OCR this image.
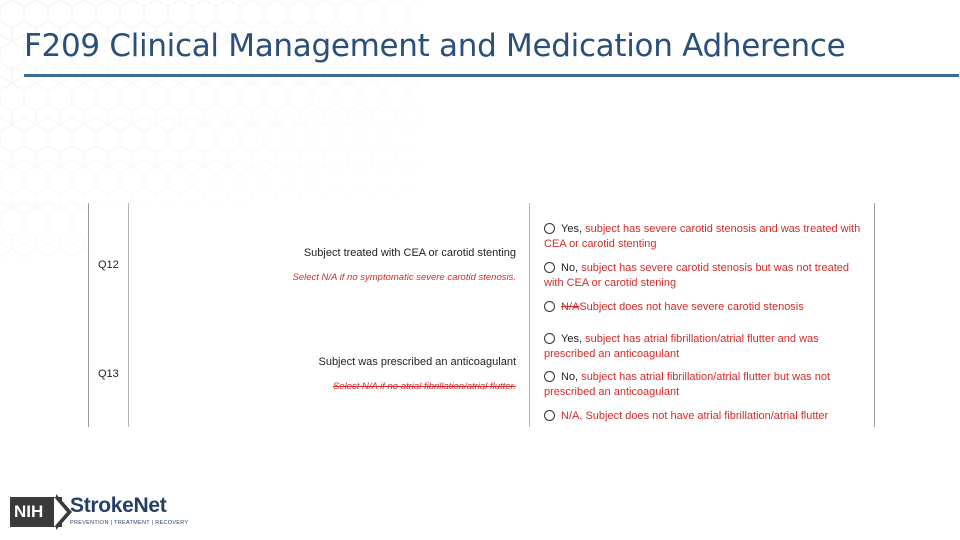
F209 Clinical Management and Medication Adherence
Q12
Subject treated with CEA or carotid stenting
Select N/A if no symptomatic severe carotid stenosis.
Yes, subject has severe carotid stenosis and was treated with CEA or carotid stenting
No, subject has severe carotid stenosis but was not treated with CEA or carotid stening
N/ASubject does not have severe carotid stenosis
Q13
Subject was prescribed an anticoagulant
Select N/A if no atrial fibrillation/atrial flutter.
Yes, subject has atrial fibrillation/atrial flutter and was prescribed an anticoagulant
No, subject has atrial fibrillation/atrial flutter but was not prescribed an anticoagulant
N/A, Subject does not have atrial fibrillation/atrial flutter
NIH	StrokeNet
PREVENTION | TREATMENT | RECOVERY
